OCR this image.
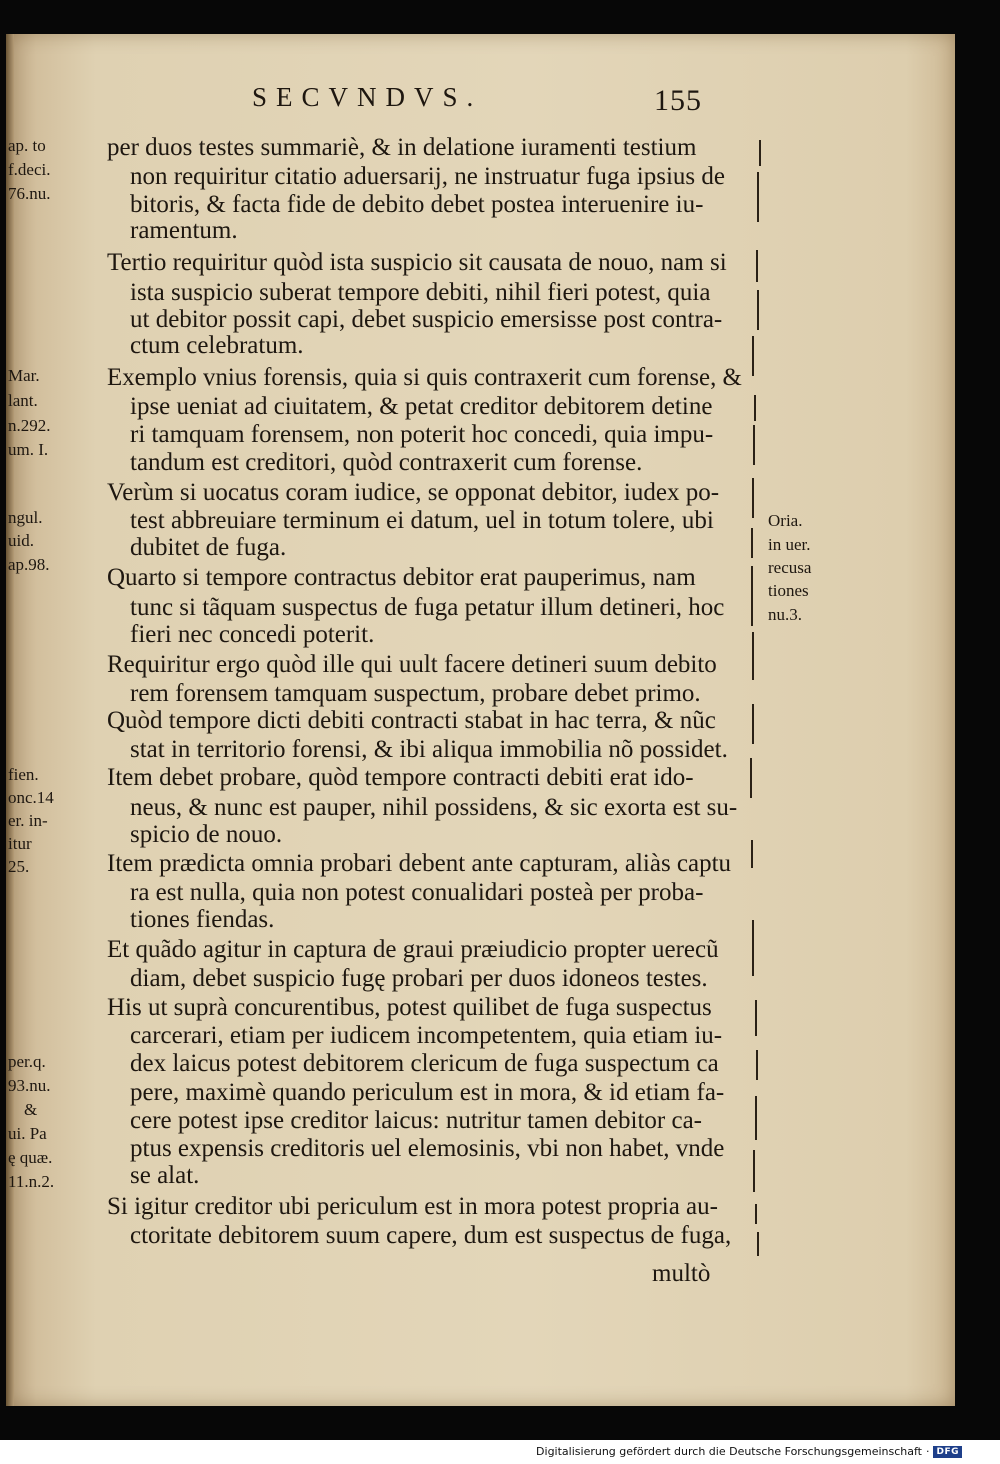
SECVNDVS.	155
per duos testes summariè, & in delatione iuramenti testium
non requiritur citatio aduersarij, ne instruatur fuga ipsius de
bitoris, & facta fide de debito debet postea interuenire iu-
ramentum.
Tertio requiritur quòd ista suspicio sit causata de nouo, nam si
ista suspicio suberat tempore debiti, nihil fieri potest, quia
ut debitor possit capi, debet suspicio emersisse post contra-
ctum celebratum.
Exemplo vnius forensis, quia si quis contraxerit cum forense, &
ipse ueniat ad ciuitatem, & petat creditor debitorem detine
ri tamquam forensem, non poterit hoc concedi, quia impu-
tandum est creditori, quòd contraxerit cum forense.
Verùm si uocatus coram iudice, se opponat debitor, iudex po-
test abbreuiare terminum ei datum, uel in totum tolere, ubi
dubitet de fuga.
Quarto si tempore contractus debitor erat pauperimus, nam
tunc si tãquam suspectus de fuga petatur illum detineri, hoc
fieri nec concedi poterit.
Requiritur ergo quòd ille qui uult facere detineri suum debito
rem forensem tamquam suspectum, probare debet primo.
Quòd tempore dicti debiti contracti stabat in hac terra, & nũc
stat in territorio forensi, & ibi aliqua immobilia nõ possidet.
Item debet probare, quòd tempore contracti debiti erat ido-
neus, & nunc est pauper, nihil possidens, & sic exorta est su-
spicio de nouo.
Item prædicta omnia probari debent ante capturam, aliàs captu
ra est nulla, quia non potest conualidari posteà per proba-
tiones fiendas.
Et quãdo agitur in captura de graui præiudicio propter uerecũ
diam, debet suspicio fugę probari per duos idoneos testes.
His ut suprà concurentibus, potest quilibet de fuga suspectus
carcerari, etiam per iudicem incompetentem, quia etiam iu-
dex laicus potest debitorem clericum de fuga suspectum ca
pere, maximè quando periculum est in mora, & id etiam fa-
cere potest ipse creditor laicus: nutritur tamen debitor ca-
ptus expensis creditoris uel elemosinis, vbi non habet, vnde
se alat.
Si igitur creditor ubi periculum est in mora potest propria au-
ctoritate debitorem suum capere, dum est suspectus de fuga,
multò
ap. to
f.deci.
76.nu.
Mar.
lant.
n.292.
um. I.
ngul.
uid.
ap.98.
fien.
onc.14
er. in-
itur
25.
per.q.
93.nu.
&
ui. Pa
ę quæ.
11.n.2.
Oria.
in uer.
recusa
tiones
nu.3.
Digitalisierung gefördert durch die Deutsche Forschungsgemeinschaft · DFG
